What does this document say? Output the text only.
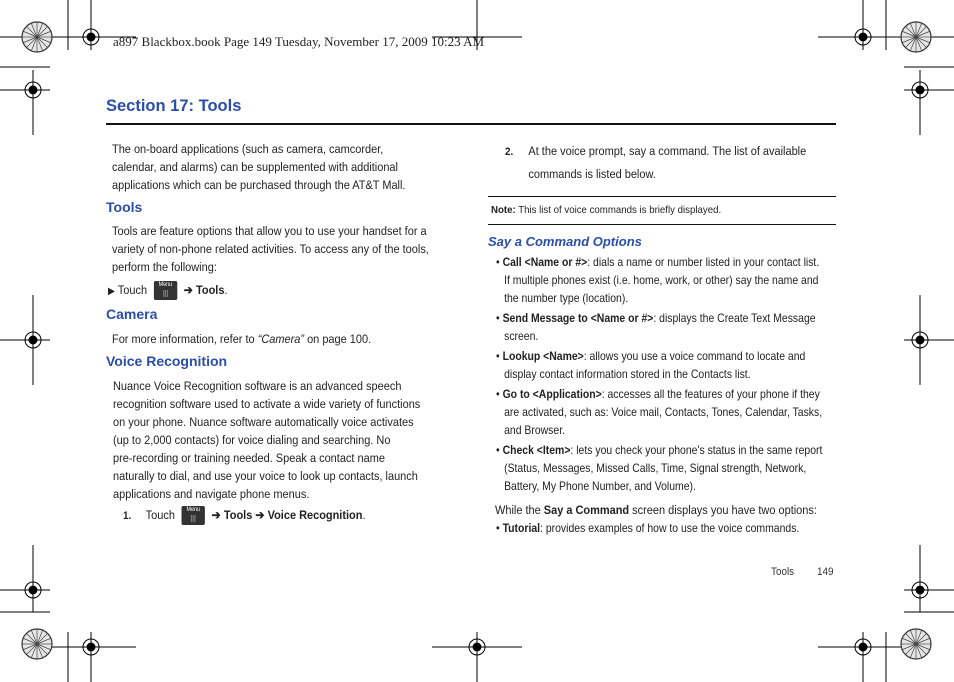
a897 Blackbox.book Page 149 Tuesday, November 17, 2009 10:23 AM
Section 17: Tools
The on-board applications (such as camera, camcorder,
calendar, and alarms) can be supplemented with additional
applications which can be purchased through the AT&T Mall.
Tools
Tools are feature options that allow you to use your handset for a
variety of non-phone related activities. To access any of the tools,
perform the following:
▶ Touch	Menu ➔ Tools.
Camera
For more information, refer to “Camera” on page 100.
Voice Recognition
Nuance Voice Recognition software is an advanced speech
recognition software used to activate a wide variety of functions
on your phone. Nuance software automatically voice activates
(up to 2,000 contacts) for voice dialing and searching. No
pre-recording or training needed. Speak a contact name
naturally to dial, and use your voice to look up contacts, launch
applications and navigate phone menus.
1. Touch	Menu ➔ Tools ➔ Voice Recognition.
2. At the voice prompt, say a command. The list of available
commands is listed below.
Note: This list of voice commands is briefly displayed.
Say a Command Options
• Call <Name or #>: dials a name or number listed in your contact list.
If multiple phones exist (i.e. home, work, or other) say the name and
the number type (location).
• Send Message to <Name or #>: displays the Create Text Message
screen.
• Lookup <Name>: allows you use a voice command to locate and
display contact information stored in the Contacts list.
• Go to <Application>: accesses all the features of your phone if they
are activated, such as: Voice mail, Contacts, Tones, Calendar, Tasks,
and Browser.
• Check <Item>: lets you check your phone's status in the same report
(Status, Messages, Missed Calls, Time, Signal strength, Network,
Battery, My Phone Number, and Volume).
While the Say a Command screen displays you have two options:
• Tutorial: provides examples of how to use the voice commands.
Tools 149
